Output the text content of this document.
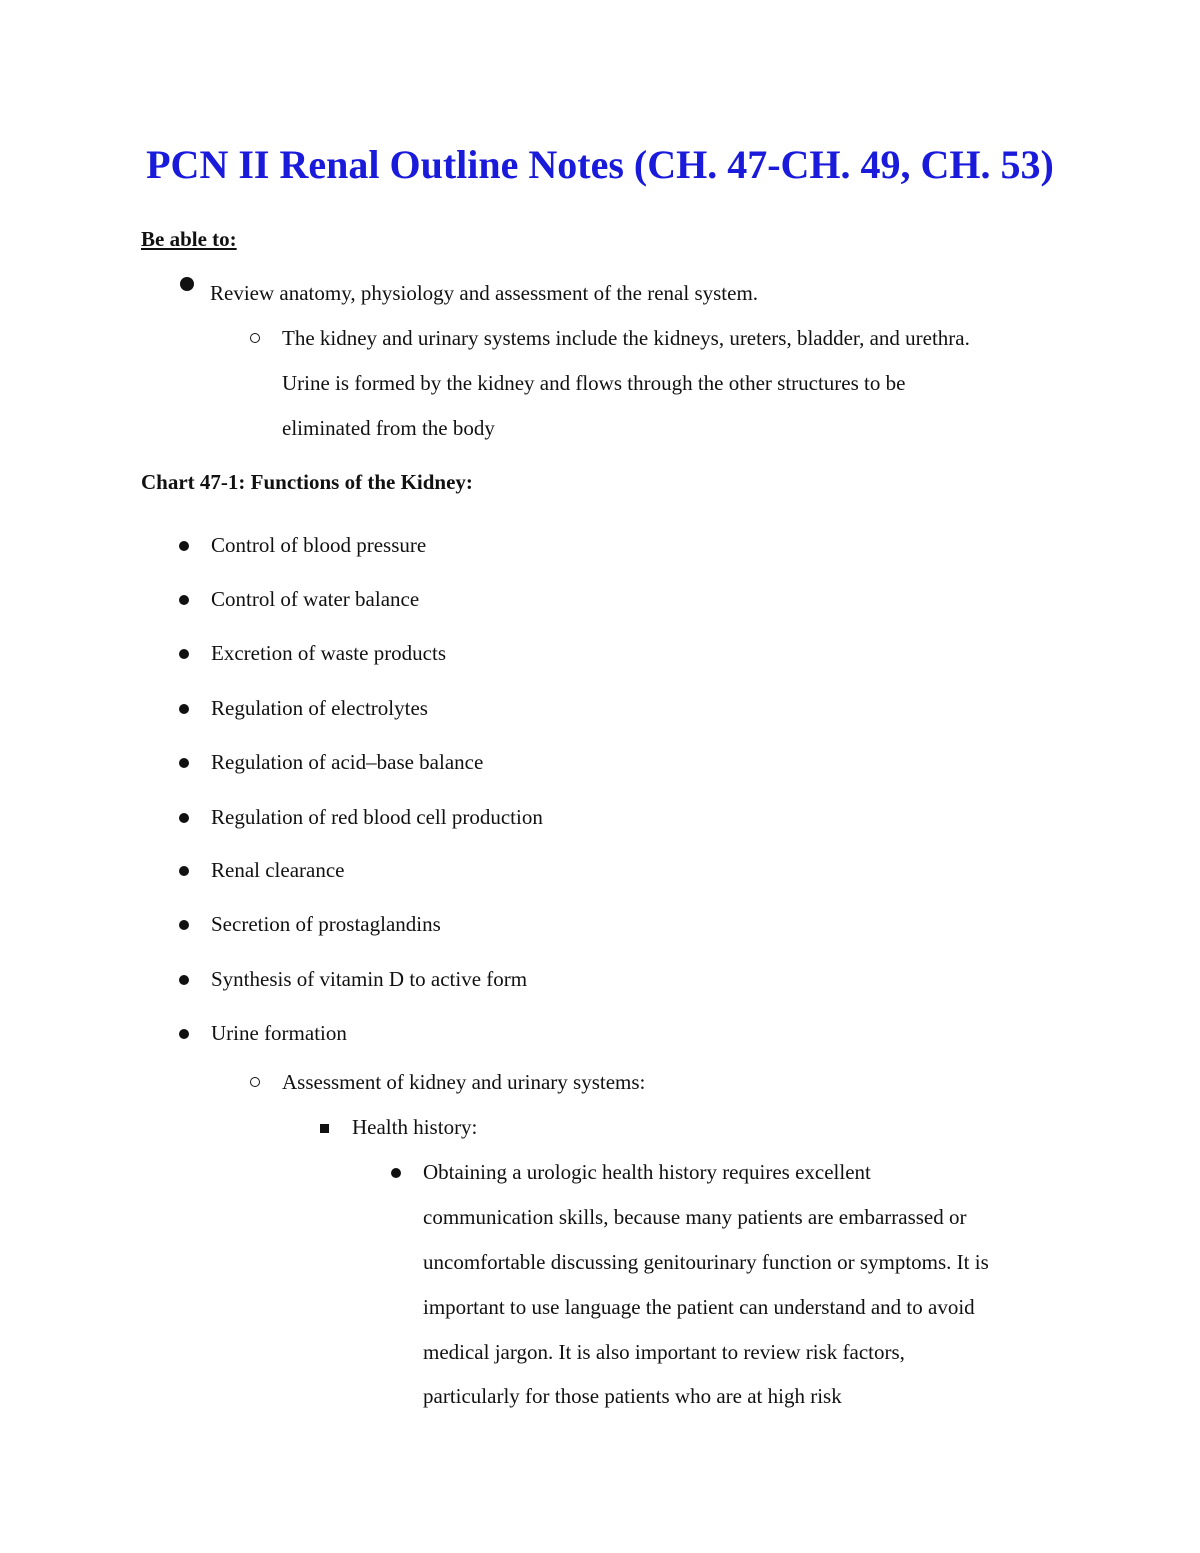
PCN II Renal Outline Notes (CH. 47-CH. 49, CH. 53)
Be able to:
Review anatomy, physiology and assessment of the renal system.
The kidney and urinary systems include the kidneys, ureters, bladder, and urethra.
Urine is formed by the kidney and flows through the other structures to be
eliminated from the body
Chart 47-1: Functions of the Kidney:
Control of blood pressure
Control of water balance
Excretion of waste products
Regulation of electrolytes
Regulation of acid–base balance
Regulation of red blood cell production
Renal clearance
Secretion of prostaglandins
Synthesis of vitamin D to active form
Urine formation
Assessment of kidney and urinary systems:
Health history:
Obtaining a urologic health history requires excellent
communication skills, because many patients are embarrassed or
uncomfortable discussing genitourinary function or symptoms. It is
important to use language the patient can understand and to avoid
medical jargon. It is also important to review risk factors,
particularly for those patients who are at high risk
